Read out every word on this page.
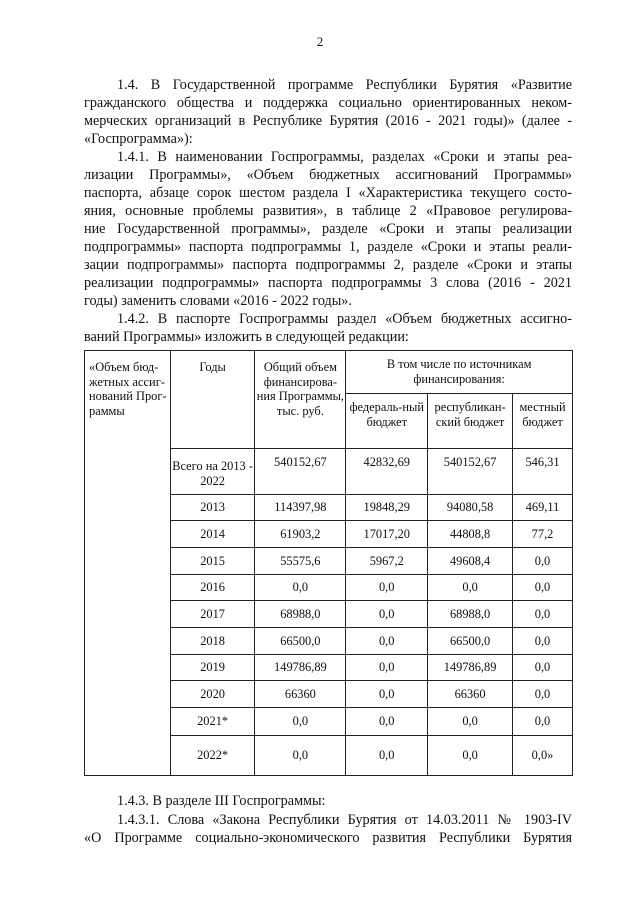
2
1.4. В Государственной программе Республики Бурятия «Развитие
гражданского общества и поддержка социально ориентированных неком-
мерческих организаций в Республике Бурятия (2016 - 2021 годы)» (далее -
«Госпрограмма»):
1.4.1. В наименовании Госпрограммы, разделах «Сроки и этапы реа-
лизации Программы», «Объем бюджетных ассигнований Программы»
паспорта, абзаце сорок шестом раздела I «Характеристика текущего состо-
яния, основные проблемы развития», в таблице 2 «Правовое регулирова-
ние Государственной программы», разделе «Сроки и этапы реализации
подпрограммы» паспорта подпрограммы 1, разделе «Сроки и этапы реали-
зации подпрограммы» паспорта подпрограммы 2, разделе «Сроки и этапы
реализации подпрограммы» паспорта подпрограммы 3 слова (2016 - 2021
годы) заменить словами «2016 - 2022 годы».
1.4.2. В паспорте Госпрограммы раздел «Объем бюджетных ассигно-
ваний Программы» изложить в следующей редакции:
«Объем бюд-жетных ассиг-нований Прог-раммы	Годы	Общий объем финансирова-ния Программы, тыс. руб.	В том числе по источникам финансирования:		
			федераль-ный бюджет	республикан-ский бюджет	местный бюджет
	Всего на 2013 - 2022	540152,67	42832,69	540152,67	546,31
	2013	114397,98	19848,29	94080,58	469,11
	2014	61903,2	17017,20	44808,8	77,2
	2015	55575,6	5967,2	49608,4	0,0
	2016	0,0	0,0	0,0	0,0
	2017	68988,0	0,0	68988,0	0,0
	2018	66500,0	0,0	66500,0	0,0
	2019	149786,89	0,0	149786,89	0,0
	2020	66360	0,0	66360	0,0
	2021*	0,0	0,0	0,0	0,0
	2022*	0,0	0,0	0,0	0,0»
1.4.3. В разделе III Госпрограммы:
1.4.3.1. Слова «Закона Республики Бурятия от 14.03.2011 № 1903-IV
«О Программе социально-экономического развития Республики Бурятия
